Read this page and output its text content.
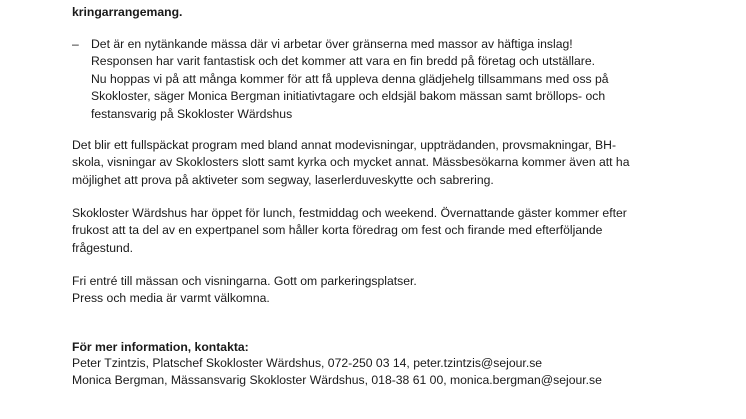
kringarrangemang.
– Det är en nytänkande mässa där vi arbetar över gränserna med massor av häftiga inslag!
Responsen har varit fantastisk och det kommer att vara en fin bredd på företag och utställare.
Nu hoppas vi på att många kommer för att få uppleva denna glädjehelg tillsammans med oss på
Skokloster, säger Monica Bergman initiativtagare och eldsjäl bakom mässan samt bröllops- och
festansvarig på Skokloster Wärdshus
Det blir ett fullspäckat program med bland annat modevisningar, uppträdanden, provsmakningar, BH-
skola, visningar av Skoklosters slott samt kyrka och mycket annat. Mässbesökarna kommer även att ha
möjlighet att prova på aktiveter som segway, laserlerduveskytte och sabrering.
Skokloster Wärdshus har öppet för lunch, festmiddag och weekend. Övernattande gäster kommer efter
frukost att ta del av en expertpanel som håller korta föredrag om fest och firande med efterföljande
frågestund.
Fri entré till mässan och visningarna. Gott om parkeringsplatser.
Press och media är varmt välkomna.
För mer information, kontakta:
Peter Tzintzis, Platschef Skokloster Wärdshus, 072-250 03 14, peter.tzintzis@sejour.se
Monica Bergman, Mässansvarig Skokloster Wärdshus, 018-38 61 00, monica.bergman@sejour.se
